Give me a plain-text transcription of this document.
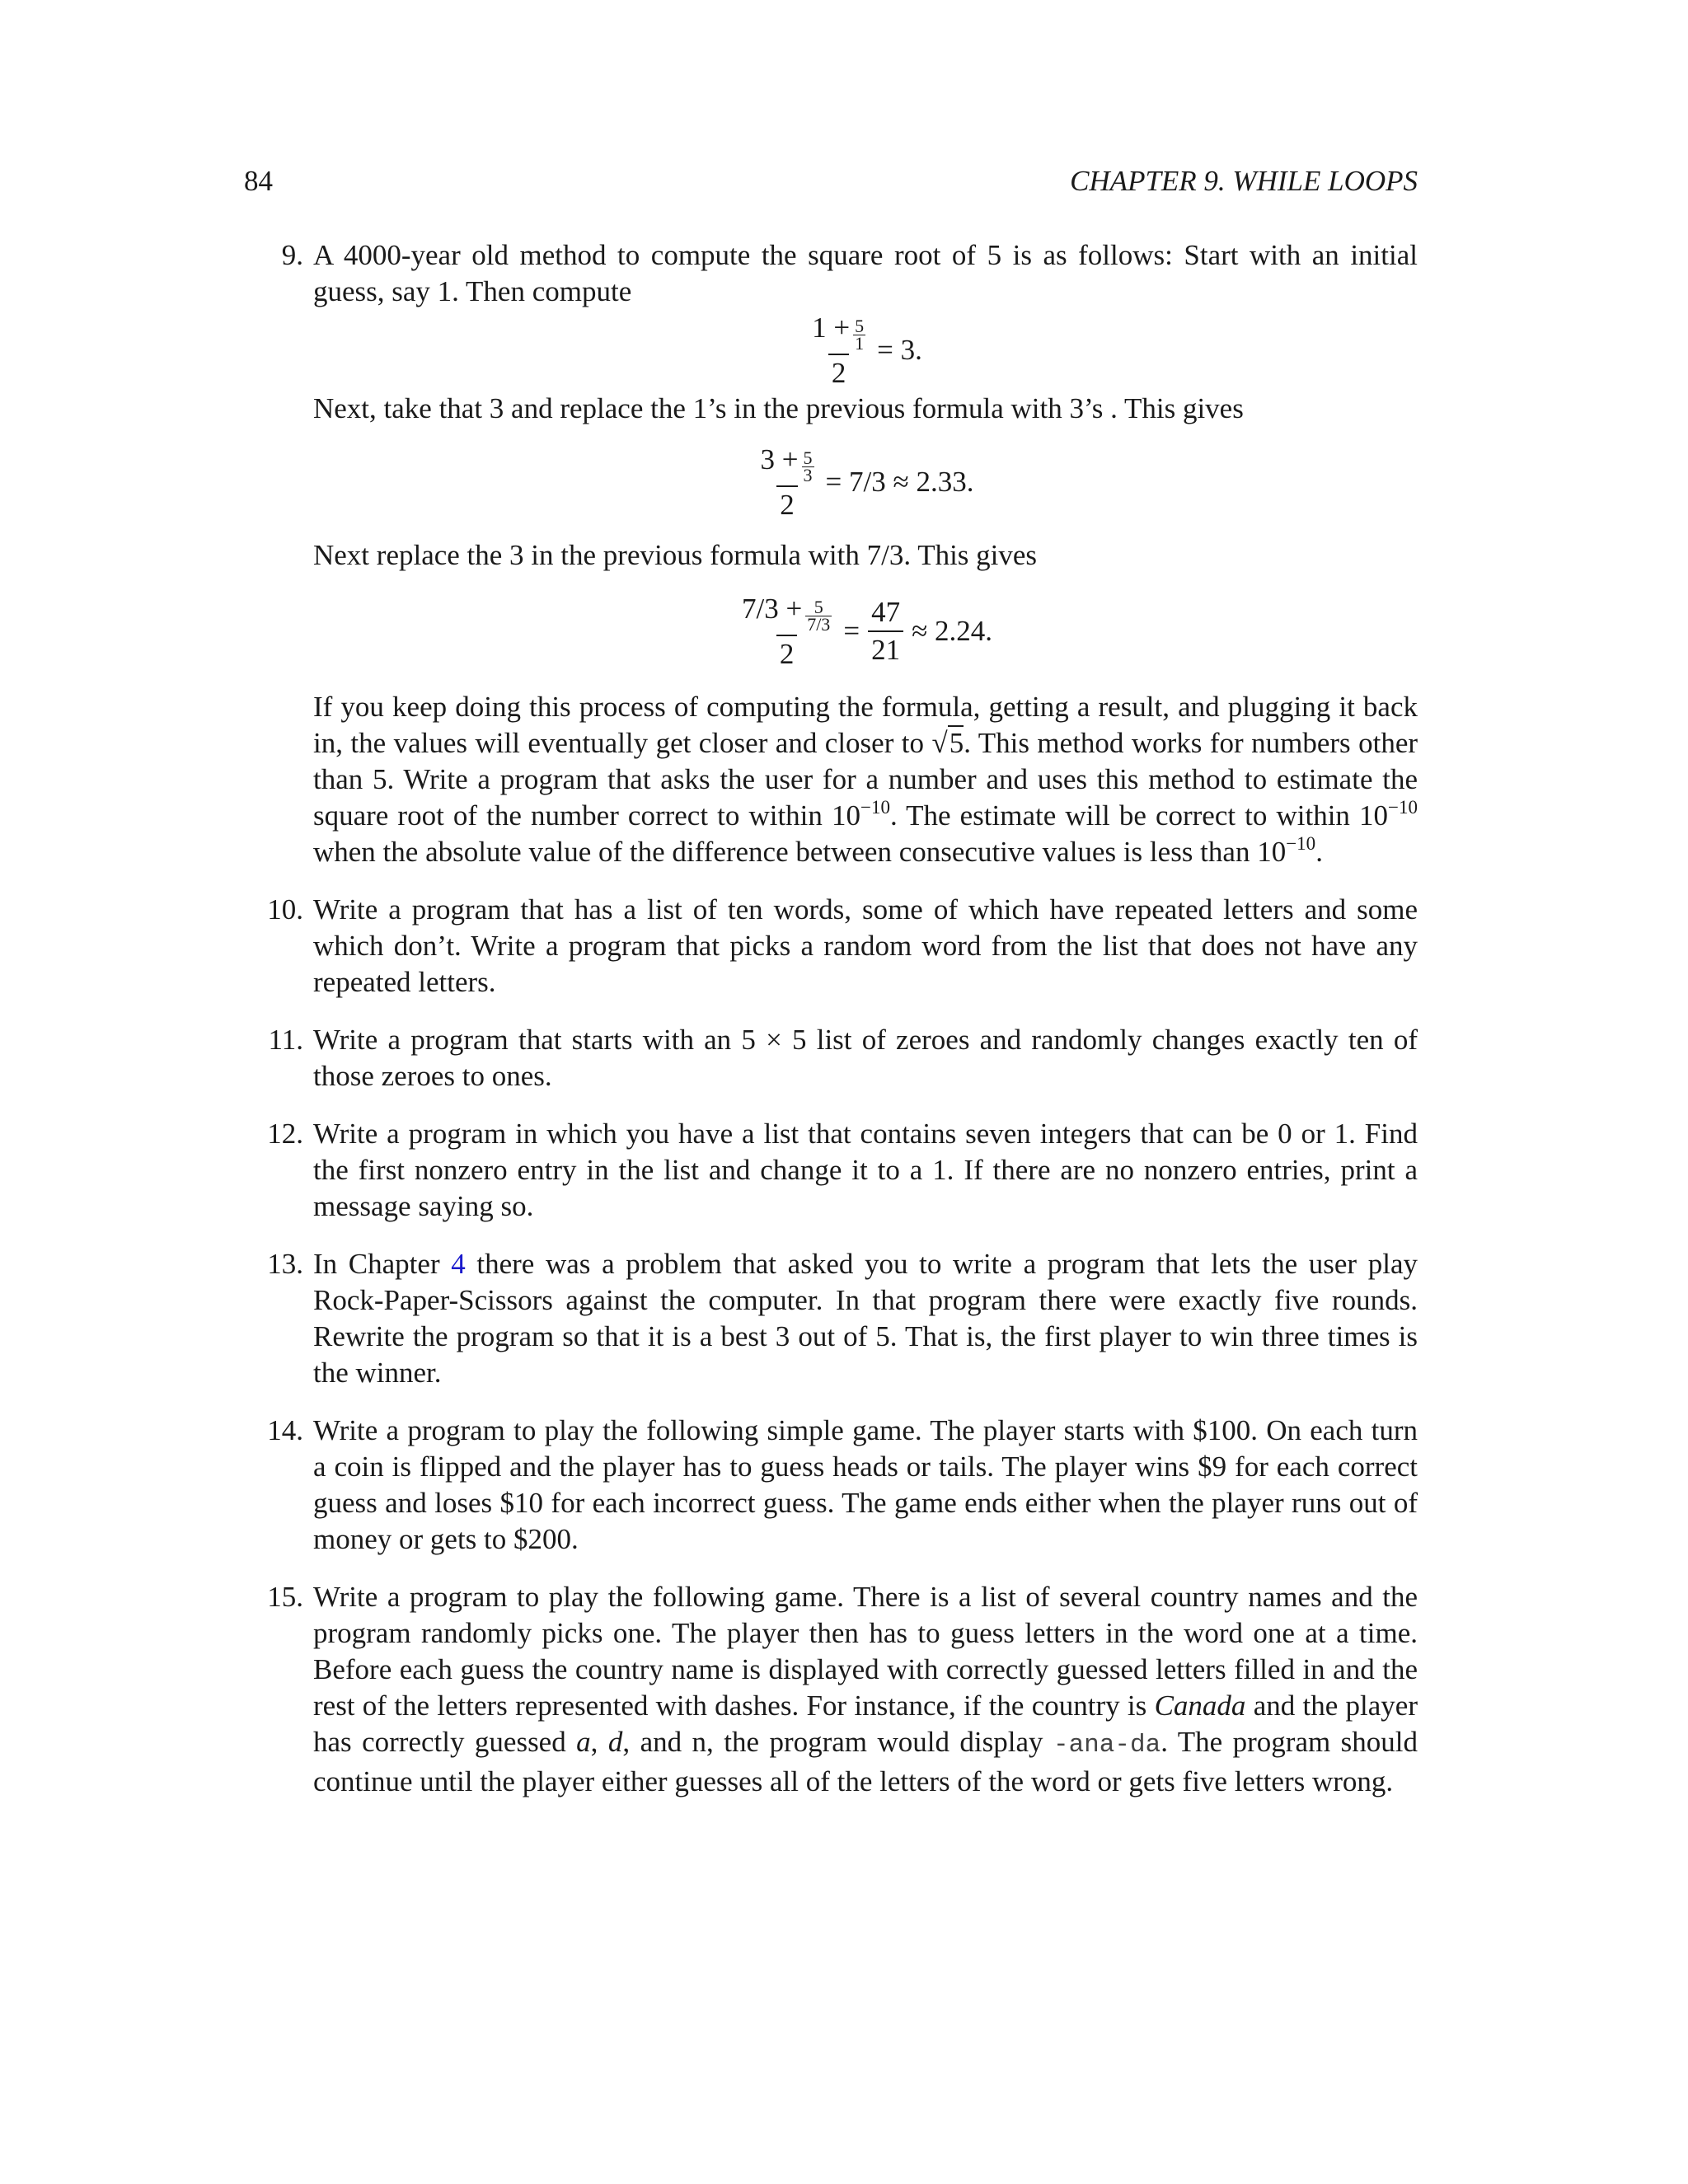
84	CHAPTER 9. WHILE LOOPS
9. A 4000-year old method to compute the square root of 5 is as follows: Start with an initial guess, say 1. Then compute

$\frac{1 + \frac{5}{1}}{2} = 3$.

Next, take that 3 and replace the 1’s in the previous formula with 3’s . This gives

$\frac{3 + \frac{5}{3}}{2} = 7/3 \approx 2.33$.

Next replace the 3 in the previous formula with 7/3. This gives

$\frac{7/3 + \frac{5}{7/3}}{2} = \frac{47}{21} \approx 2.24$.

If you keep doing this process of computing the formula, getting a result, and plugging it back in, the values will eventually get closer and closer to √5. This method works for numbers other than 5. Write a program that asks the user for a number and uses this method to estimate the square root of the number correct to within $10^{-10}$. The estimate will be correct to within $10^{-10}$ when the absolute value of the difference between consecutive values is less than $10^{-10}$.

10. Write a program that has a list of ten words, some of which have repeated letters and some which don’t. Write a program that picks a random word from the list that does not have any repeated letters.

11. Write a program that starts with an 5 × 5 list of zeroes and randomly changes exactly ten of those zeroes to ones.

12. Write a program in which you have a list that contains seven integers that can be 0 or 1. Find the first nonzero entry in the list and change it to a 1. If there are no nonzero entries, print a message saying so.

13. In Chapter 4 there was a problem that asked you to write a program that lets the user play Rock-Paper-Scissors against the computer. In that program there were exactly five rounds. Rewrite the program so that it is a best 3 out of 5. That is, the first player to win three times is the winner.

14. Write a program to play the following simple game. The player starts with $100. On each turn a coin is flipped and the player has to guess heads or tails. The player wins $9 for each correct guess and loses $10 for each incorrect guess. The game ends either when the player runs out of money or gets to $200.

15. Write a program to play the following game. There is a list of several country names and the program randomly picks one. The player then has to guess letters in the word one at a time. Before each guess the country name is displayed with correctly guessed letters filled in and the rest of the letters represented with dashes. For instance, if the country is Canada and the player has correctly guessed a, d, and n, the program would display -ana-da. The program should continue until the player either guesses all of the letters of the word or gets five letters wrong.
